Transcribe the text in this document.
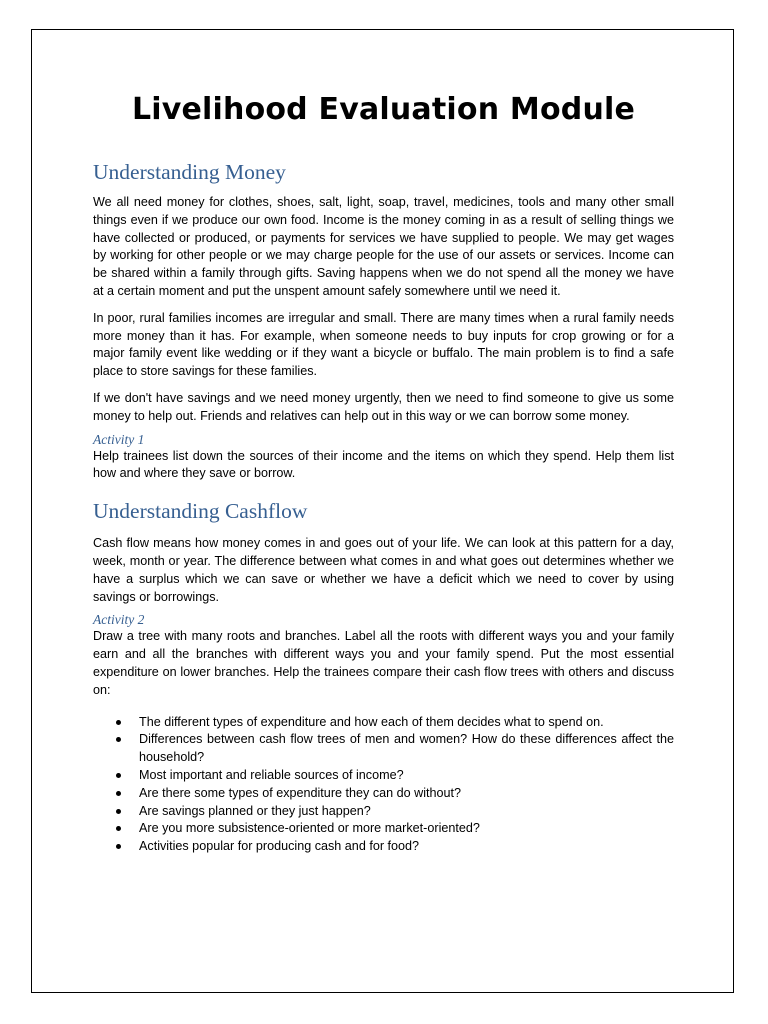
Livelihood Evaluation Module
Understanding Money

We all need money for clothes, shoes, salt, light, soap, travel, medicines, tools and many other small things even if we produce our own food. Income is the money coming in as a result of selling things we have collected or produced, or payments for services we have supplied to people. We may get wages by working for other people or we may charge people for the use of our assets or services. Income can be shared within a family through gifts. Saving happens when we do not spend all the money we have at a certain moment and put the unspent amount safely somewhere until we need it.

In poor, rural families incomes are irregular and small. There are many times when a rural family needs more money than it has. For example, when someone needs to buy inputs for crop growing or for a major family event like wedding or if they want a bicycle or buffalo. The main problem is to find a safe place to store savings for these families.

If we don't have savings and we need money urgently, then we need to find someone to give us some money to help out. Friends and relatives can help out in this way or we can borrow some money.

Activity 1

Help trainees list down the sources of their income and the items on which they spend. Help them list how and where they save or borrow.

Understanding Cashflow

Cash flow means how money comes in and goes out of your life. We can look at this pattern for a day, week, month or year. The difference between what comes in and what goes out determines whether we have a surplus which we can save or whether we have a deficit which we need to cover by using savings or borrowings.

Activity 2

Draw a tree with many roots and branches. Label all the roots with different ways you and your family earn and all the branches with different ways you and your family spend. Put the most essential expenditure on lower branches. Help the trainees compare their cash flow trees with others and discuss on:

The different types of expenditure and how each of them decides what to spend on.
Differences between cash flow trees of men and women? How do these differences affect the household?
Most important and reliable sources of income?
Are there some types of expenditure they can do without?
Are savings planned or they just happen?
Are you more subsistence-oriented or more market-oriented?
Activities popular for producing cash and for food?
